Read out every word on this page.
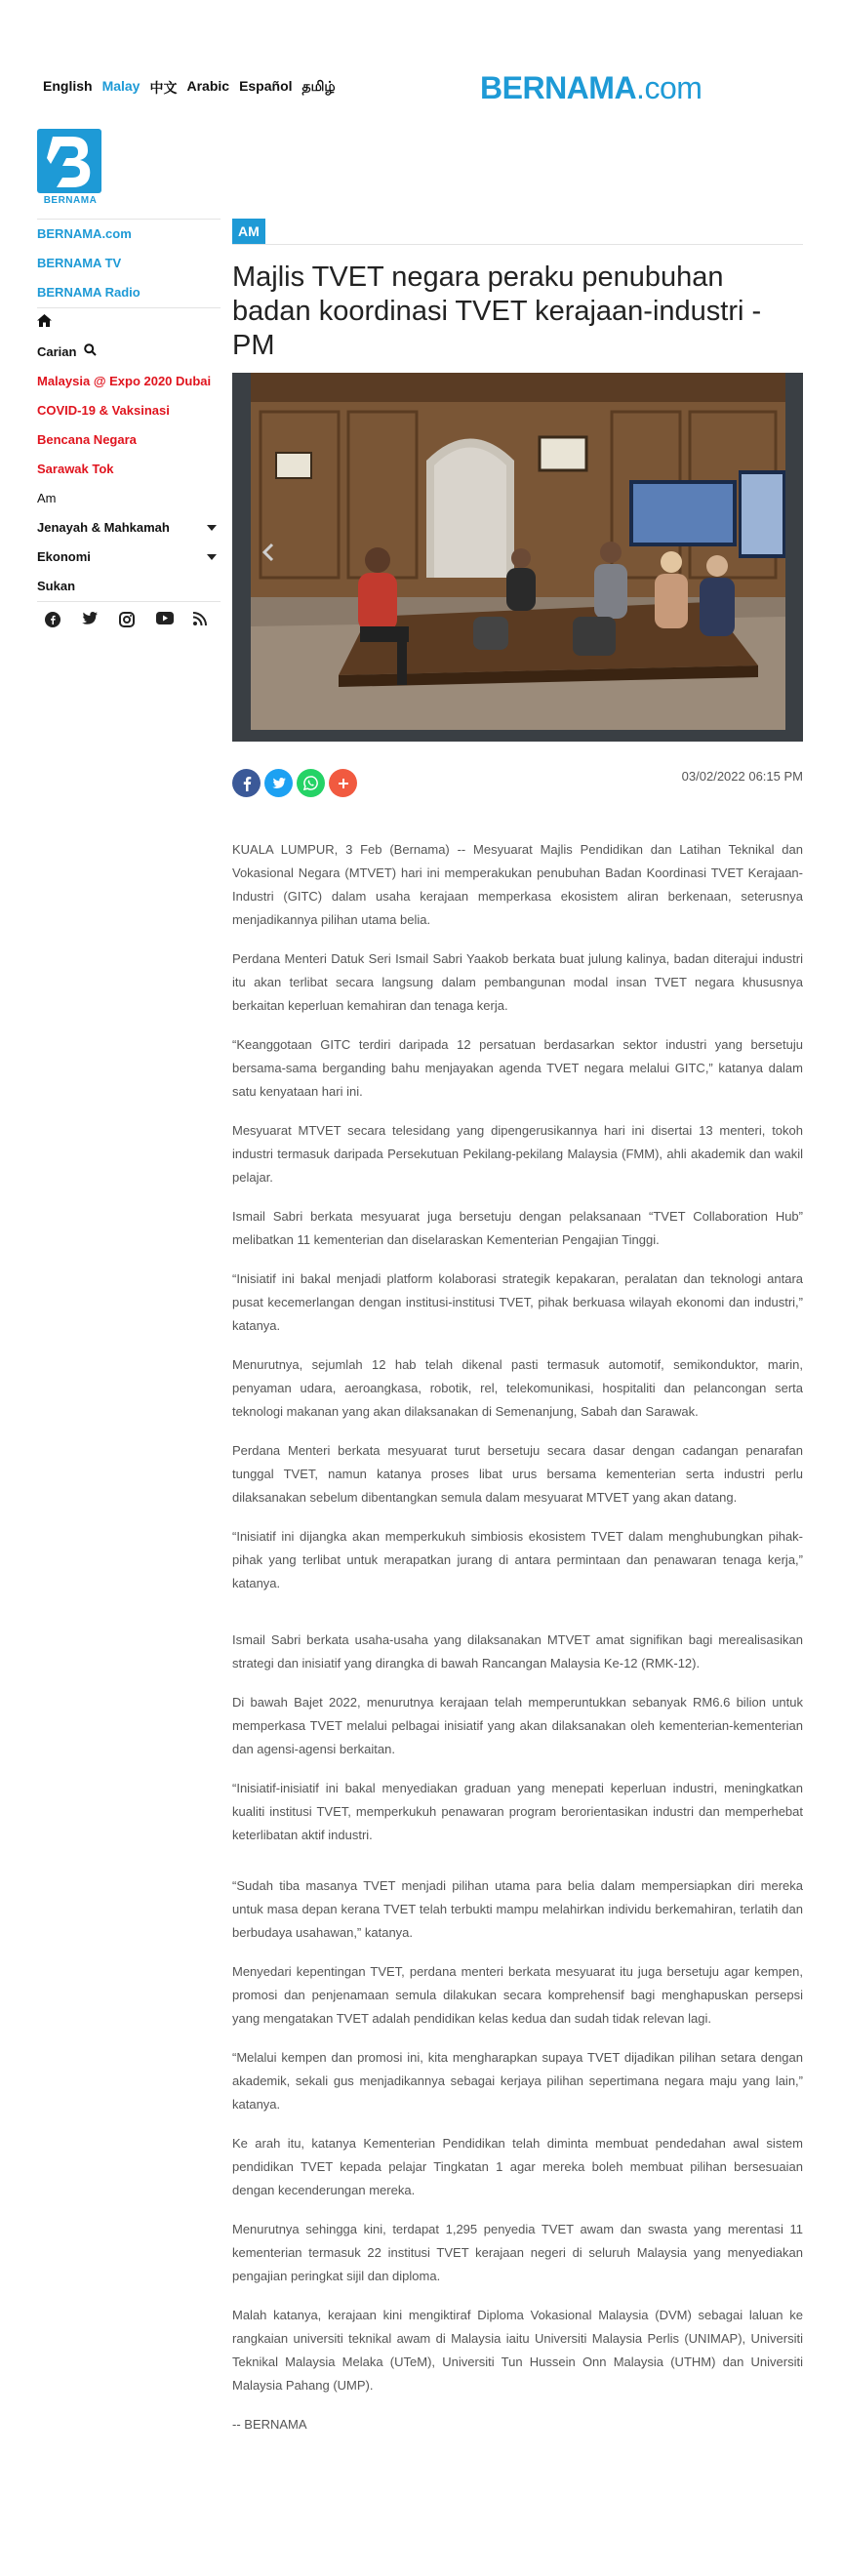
English Malay 中文 Arabic Español தமிழ்	BERNAMA.com
BERNAMA
BERNAMA.com
BERNAMA TV
BERNAMA Radio
Carian
Malaysia @ Expo 2020 Dubai
COVID-19 & Vaksinasi
Bencana Negara
Sarawak Tok
Am
Jenayah & Mahkamah
Ekonomi
Sukan
AM
Majlis TVET negara peraku penubuhan badan koordinasi TVET kerajaan-industri - PM
03/02/2022 06:15 PM

KUALA LUMPUR, 3 Feb (Bernama) -- Mesyuarat Majlis Pendidikan dan Latihan Teknikal dan Vokasional Negara (MTVET) hari ini memperakukan penubuhan Badan Koordinasi TVET Kerajaan-Industri (GITC) dalam usaha kerajaan memperkasa ekosistem aliran berkenaan, seterusnya menjadikannya pilihan utama belia.

Perdana Menteri Datuk Seri Ismail Sabri Yaakob berkata buat julung kalinya, badan diterajui industri itu akan terlibat secara langsung dalam pembangunan modal insan TVET negara khususnya berkaitan keperluan kemahiran dan tenaga kerja.

“Keanggotaan GITC terdiri daripada 12 persatuan berdasarkan sektor industri yang bersetuju bersama-sama berganding bahu menjayakan agenda TVET negara melalui GITC,” katanya dalam satu kenyataan hari ini.

Mesyuarat MTVET secara telesidang yang dipengerusikannya hari ini disertai 13 menteri, tokoh industri termasuk daripada Persekutuan Pekilang-pekilang Malaysia (FMM), ahli akademik dan wakil pelajar.

Ismail Sabri berkata mesyuarat juga bersetuju dengan pelaksanaan “TVET Collaboration Hub” melibatkan 11 kementerian dan diselaraskan Kementerian Pengajian Tinggi.

“Inisiatif ini bakal menjadi platform kolaborasi strategik kepakaran, peralatan dan teknologi antara pusat kecemerlangan dengan institusi-institusi TVET, pihak berkuasa wilayah ekonomi dan industri,” katanya.

Menurutnya, sejumlah 12 hab telah dikenal pasti termasuk automotif, semikonduktor, marin, penyaman udara, aeroangkasa, robotik, rel, telekomunikasi, hospitaliti dan pelancongan serta teknologi makanan yang akan dilaksanakan di Semenanjung, Sabah dan Sarawak.

Perdana Menteri berkata mesyuarat turut bersetuju secara dasar dengan cadangan penarafan tunggal TVET, namun katanya proses libat urus bersama kementerian serta industri perlu dilaksanakan sebelum dibentangkan semula dalam mesyuarat MTVET yang akan datang.

“Inisiatif ini dijangka akan memperkukuh simbiosis ekosistem TVET dalam menghubungkan pihak-pihak yang terlibat untuk merapatkan jurang di antara permintaan dan penawaran tenaga kerja,” katanya.

Ismail Sabri berkata usaha-usaha yang dilaksanakan MTVET amat signifikan bagi merealisasikan strategi dan inisiatif yang dirangka di bawah Rancangan Malaysia Ke-12 (RMK-12).

Di bawah Bajet 2022, menurutnya kerajaan telah memperuntukkan sebanyak RM6.6 bilion untuk memperkasa TVET melalui pelbagai inisiatif yang akan dilaksanakan oleh kementerian-kementerian dan agensi-agensi berkaitan.

“Inisiatif-inisiatif ini bakal menyediakan graduan yang menepati keperluan industri, meningkatkan kualiti institusi TVET, memperkukuh penawaran program berorientasikan industri dan memperhebat keterlibatan aktif industri.

“Sudah tiba masanya TVET menjadi pilihan utama para belia dalam mempersiapkan diri mereka untuk masa depan kerana TVET telah terbukti mampu melahirkan individu berkemahiran, terlatih dan berbudaya usahawan,” katanya.

Menyedari kepentingan TVET, perdana menteri berkata mesyuarat itu juga bersetuju agar kempen, promosi dan penjenamaan semula dilakukan secara komprehensif bagi menghapuskan persepsi yang mengatakan TVET adalah pendidikan kelas kedua dan sudah tidak relevan lagi.

“Melalui kempen dan promosi ini, kita mengharapkan supaya TVET dijadikan pilihan setara dengan akademik, sekali gus menjadikannya sebagai kerjaya pilihan sepertimana negara maju yang lain,” katanya.

Ke arah itu, katanya Kementerian Pendidikan telah diminta membuat pendedahan awal sistem pendidikan TVET kepada pelajar Tingkatan 1 agar mereka boleh membuat pilihan bersesuaian dengan kecenderungan mereka.

Menurutnya sehingga kini, terdapat 1,295 penyedia TVET awam dan swasta yang merentasi 11 kementerian termasuk 22 institusi TVET kerajaan negeri di seluruh Malaysia yang menyediakan pengajian peringkat sijil dan diploma.

Malah katanya, kerajaan kini mengiktiraf Diploma Vokasional Malaysia (DVM) sebagai laluan ke rangkaian universiti teknikal awam di Malaysia iaitu Universiti Malaysia Perlis (UNIMAP), Universiti Teknikal Malaysia Melaka (UTeM), Universiti Tun Hussein Onn Malaysia (UTHM) dan Universiti Malaysia Pahang (UMP).

-- BERNAMA
